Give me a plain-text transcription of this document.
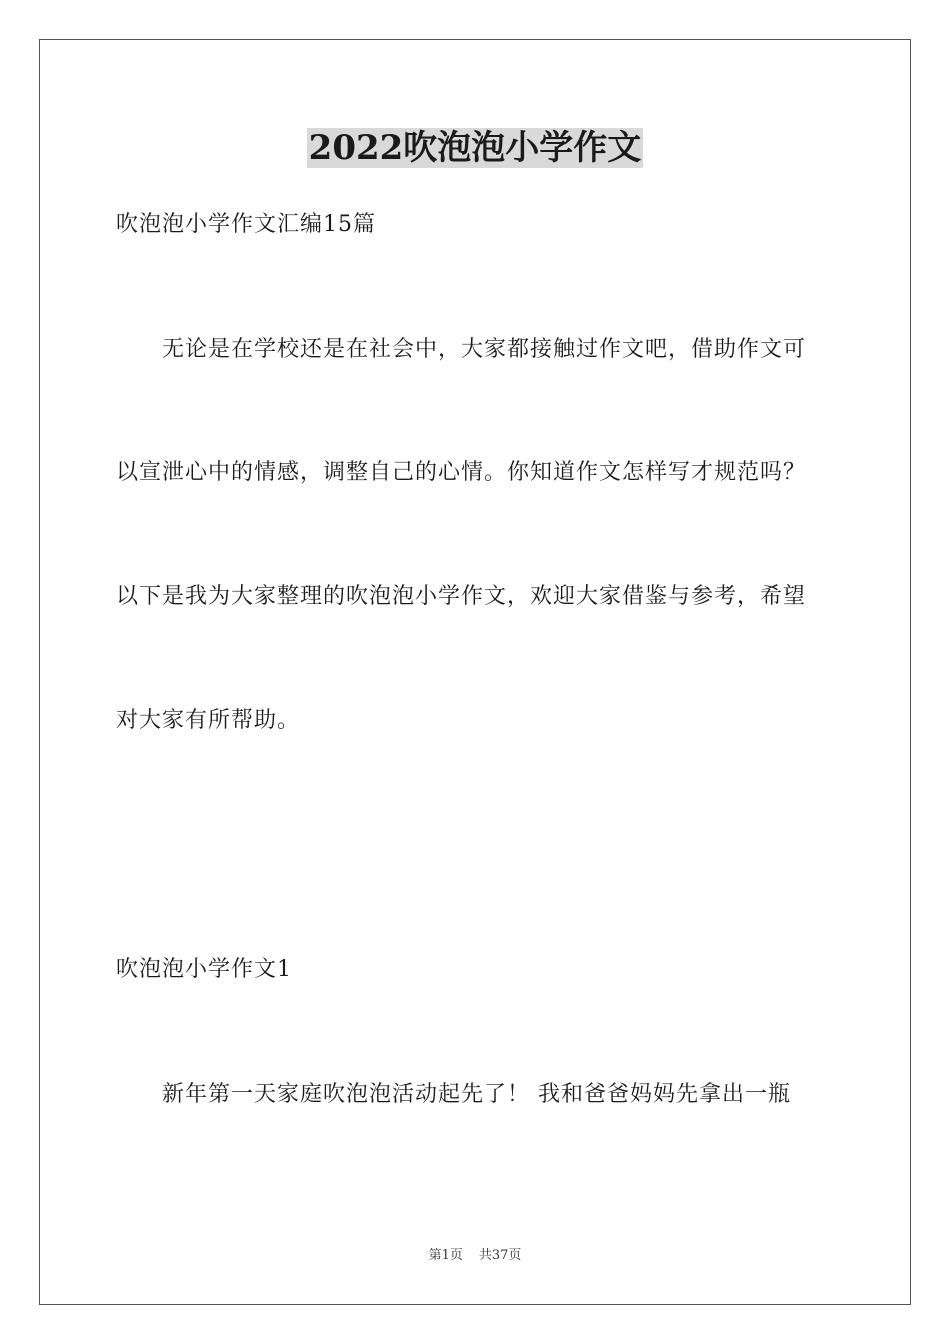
2022吹泡泡小学作文
吹泡泡小学作文汇编15篇
无论是在学校还是在社会中，大家都接触过作文吧，借助作文可
以宣泄心中的情感，调整自己的心情。你知道作文怎样写才规范吗？
以下是我为大家整理的吹泡泡小学作文，欢迎大家借鉴与参考，希望
对大家有所帮助。
吹泡泡小学作文1
新年第一天家庭吹泡泡活动起先了！ 我和爸爸妈妈先拿出一瓶
第1页 共37页
